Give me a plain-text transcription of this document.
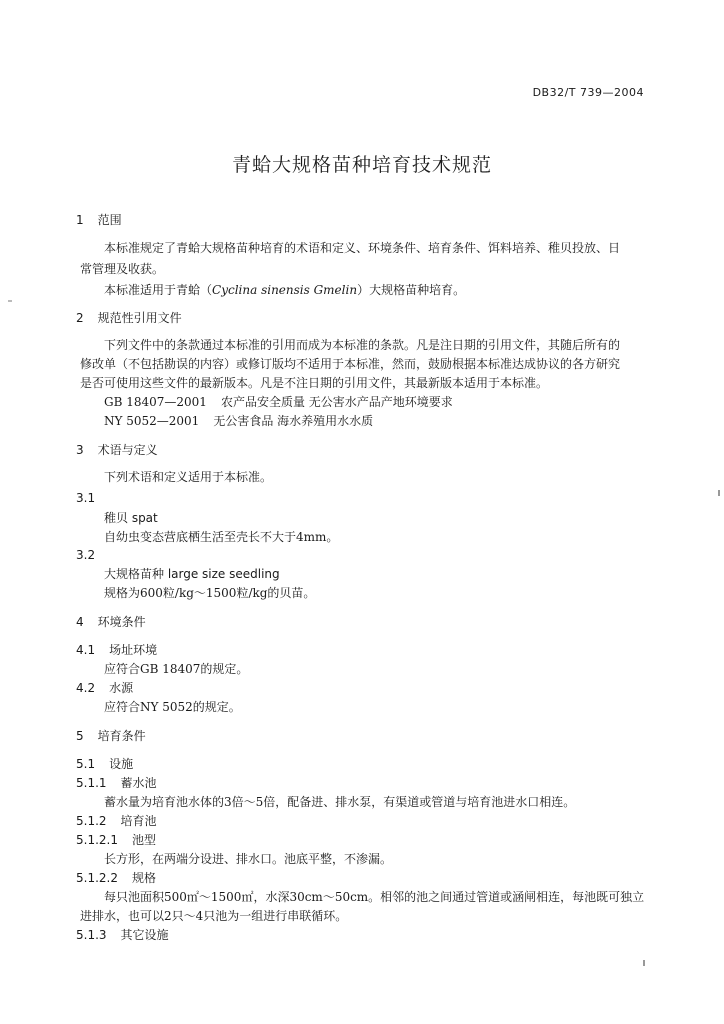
DB32/T 739—2004
青蛤大规格苗种培育技术规范
1 范围
本标准规定了青蛤大规格苗种培育的术语和定义、环境条件、培育条件、饵料培养、稚贝投放、日
常管理及收获。
本标准适用于青蛤（Cyclina sinensis Gmelin）大规格苗种培育。
2 规范性引用文件
下列文件中的条款通过本标准的引用而成为本标准的条款。凡是注日期的引用文件，其随后所有的
修改单（不包括勘误的内容）或修订版均不适用于本标准，然而，鼓励根据本标准达成协议的各方研究
是否可使用这些文件的最新版本。凡是不注日期的引用文件，其最新版本适用于本标准。
GB 18407—2001 农产品安全质量 无公害水产品产地环境要求
NY 5052—2001 无公害食品 海水养殖用水水质
3 术语与定义
下列术语和定义适用于本标准。
3.1
稚贝 spat
自幼虫变态营底栖生活至壳长不大于4mm。
3.2
大规格苗种 large size seedling
规格为600粒/kg～1500粒/kg的贝苗。
4 环境条件
4.1 场址环境
应符合GB 18407的规定。
4.2 水源
应符合NY 5052的规定。
5 培育条件
5.1 设施
5.1.1 蓄水池
蓄水量为培育池水体的3倍～5倍，配备进、排水泵，有渠道或管道与培育池进水口相连。
5.1.2 培育池
5.1.2.1 池型
长方形，在两端分设进、排水口。池底平整，不渗漏。
5.1.2.2 规格
每只池面积500㎡～1500㎡，水深30cm～50cm。相邻的池之间通过管道或涵闸相连，每池既可独立
进排水，也可以2只～4只池为一组进行串联循环。
5.1.3 其它设施
